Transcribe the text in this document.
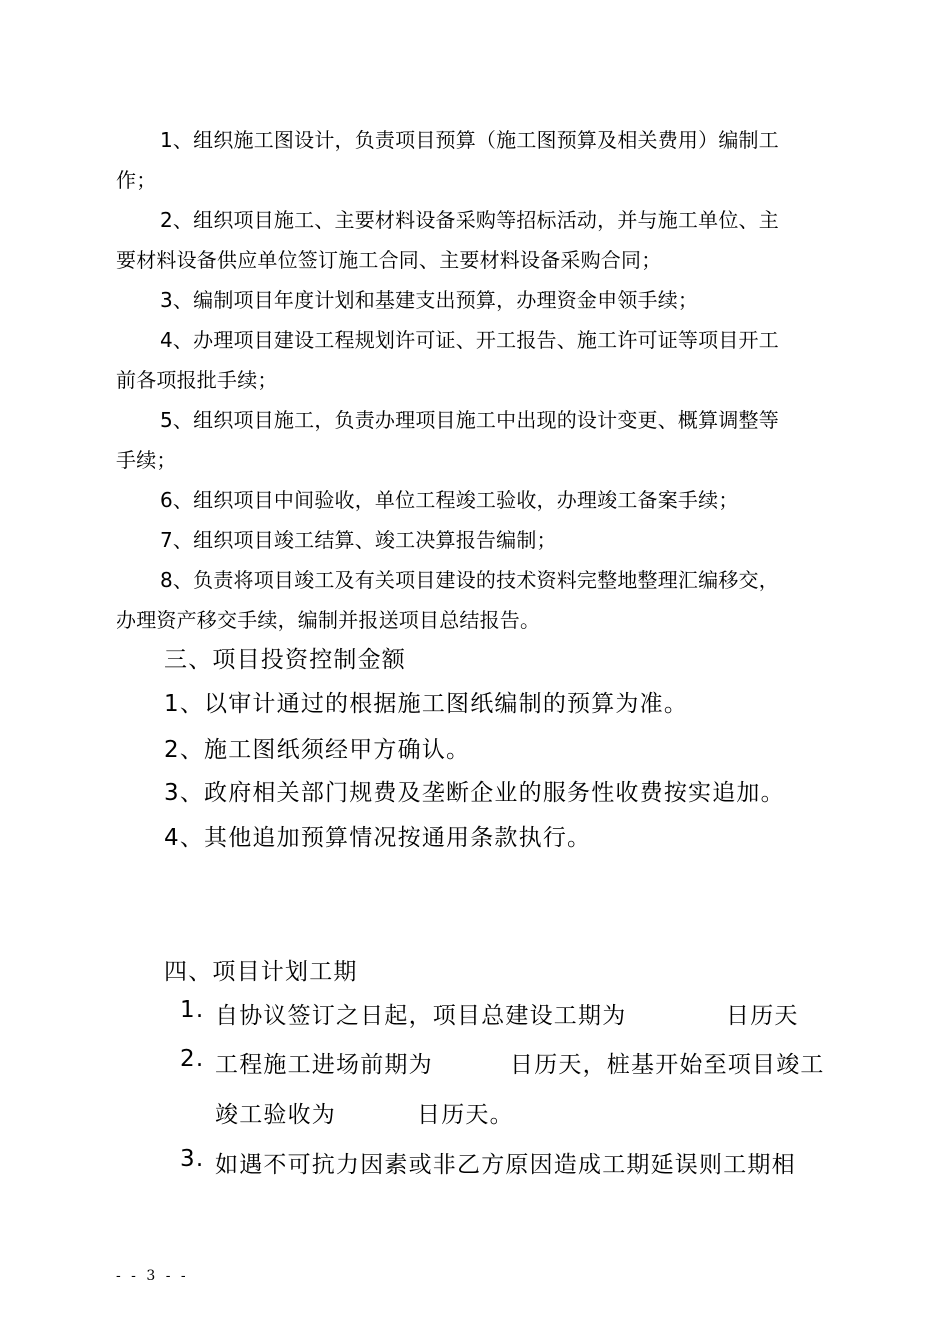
1、组织施工图设计，负责项目预算（施工图预算及相关费用）编制工

作；

2、组织项目施工、主要材料设备采购等招标活动，并与施工单位、主

要材料设备供应单位签订施工合同、主要材料设备采购合同；

3、编制项目年度计划和基建支出预算，办理资金申领手续；

4、办理项目建设工程规划许可证、开工报告、施工许可证等项目开工

前各项报批手续；

5、组织项目施工，负责办理项目施工中出现的设计变更、概算调整等

手续；

6、组织项目中间验收，单位工程竣工验收，办理竣工备案手续；

7、组织项目竣工结算、竣工决算报告编制；

8、负责将项目竣工及有关项目建设的技术资料完整地整理汇编移交，

办理资产移交手续，编制并报送项目总结报告。

三、项目投资控制金额

1、以审计通过的根据施工图纸编制的预算为准。

2、施工图纸须经甲方确认。

3、政府相关部门规费及垄断企业的服务性收费按实追加。

4、其他追加预算情况按通用条款执行。

四、项目计划工期

1. 自协议签订之日起，项目总建设工期为	日历天

2. 工程施工进场前期为	日历天，桩基开始至项目竣工

竣工验收为	日历天。

3. 如遇不可抗力因素或非乙方原因造成工期延误则工期相

- - 3 - -
